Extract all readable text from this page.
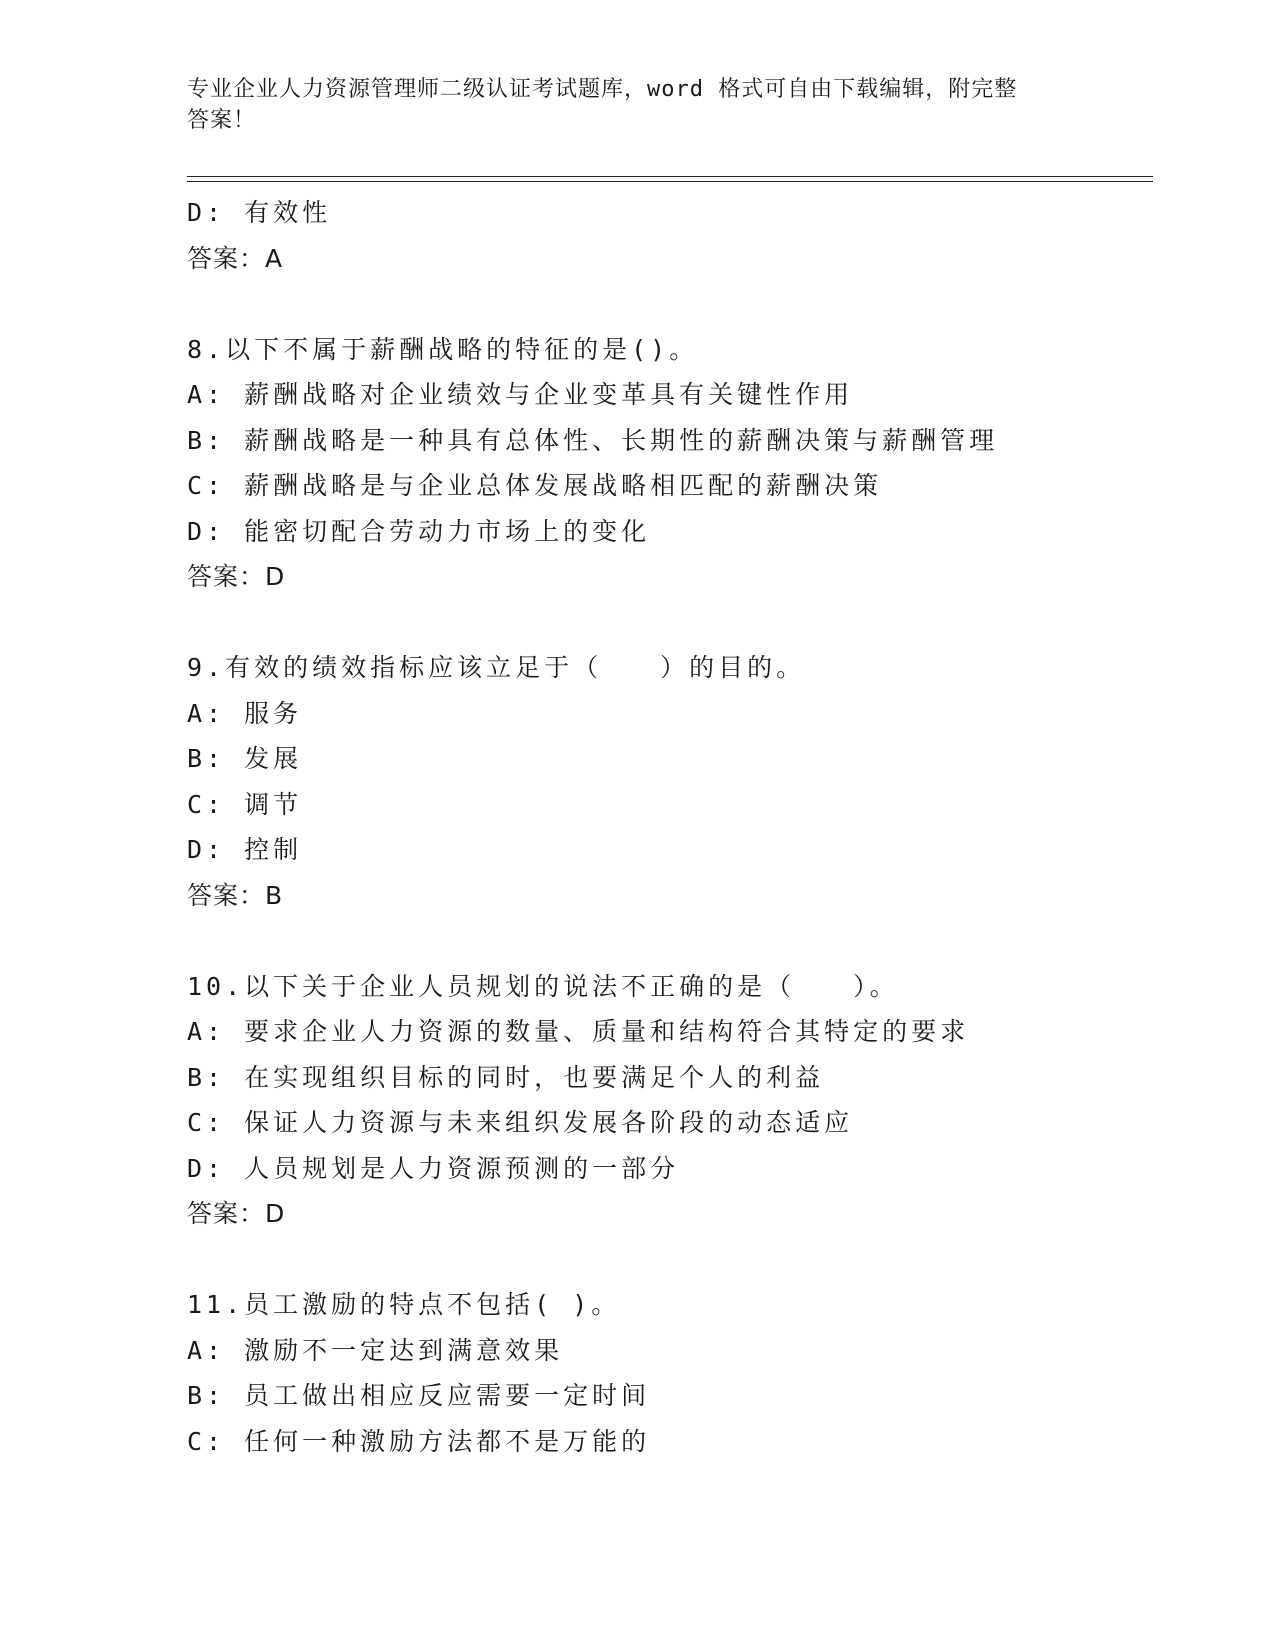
专业企业人力资源管理师二级认证考试题库，word 格式可自由下载编辑，附完整
答案！
D: 有效性
答案：A
8.以下不属于薪酬战略的特征的是()。
A: 薪酬战略对企业绩效与企业变革具有关键性作用
B: 薪酬战略是一种具有总体性、长期性的薪酬决策与薪酬管理
C: 薪酬战略是与企业总体发展战略相匹配的薪酬决策
D: 能密切配合劳动力市场上的变化
答案：D
9.有效的绩效指标应该立足于（　　）的目的。
A: 服务
B: 发展
C: 调节
D: 控制
答案：B
10.以下关于企业人员规划的说法不正确的是（　　）。
A: 要求企业人力资源的数量、质量和结构符合其特定的要求
B: 在实现组织目标的同时，也要满足个人的利益
C: 保证人力资源与未来组织发展各阶段的动态适应
D: 人员规划是人力资源预测的一部分
答案：D
11.员工激励的特点不包括( )。
A: 激励不一定达到满意效果
B: 员工做出相应反应需要一定时间
C: 任何一种激励方法都不是万能的
